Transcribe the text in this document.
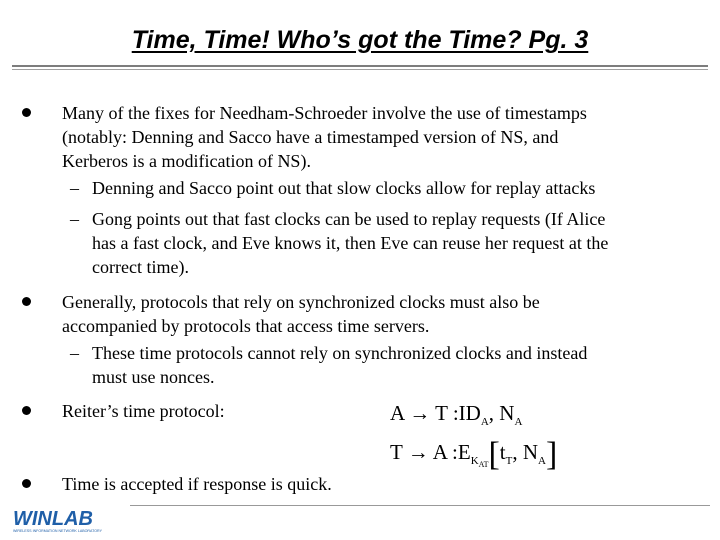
Time, Time! Who’s got the Time? Pg. 3
Many of the fixes for Needham-Schroeder involve the use of timestamps
(notably: Denning and Sacco have a timestamped version of NS, and
Kerberos is a modification of NS).
– Denning and Sacco point out that slow clocks allow for replay attacks
– Gong points out that fast clocks can be used to replay requests (If Alice
has a fast clock, and Eve knows it, then Eve can reuse her request at the
correct time).
Generally, protocols that rely on synchronized clocks must also be
accompanied by protocols that access time servers.
– These time protocols cannot rely on synchronized clocks and instead
must use nonces.
Reiter’s time protocol:	A → T $:ID_A$, $N_A$
T → A $:E_{K_{AT}}[t_T$, $N_A$]
Time is accepted if response is quick.
WINLAB
WIRELESS INFORMATION NETWORK LABORATORY
